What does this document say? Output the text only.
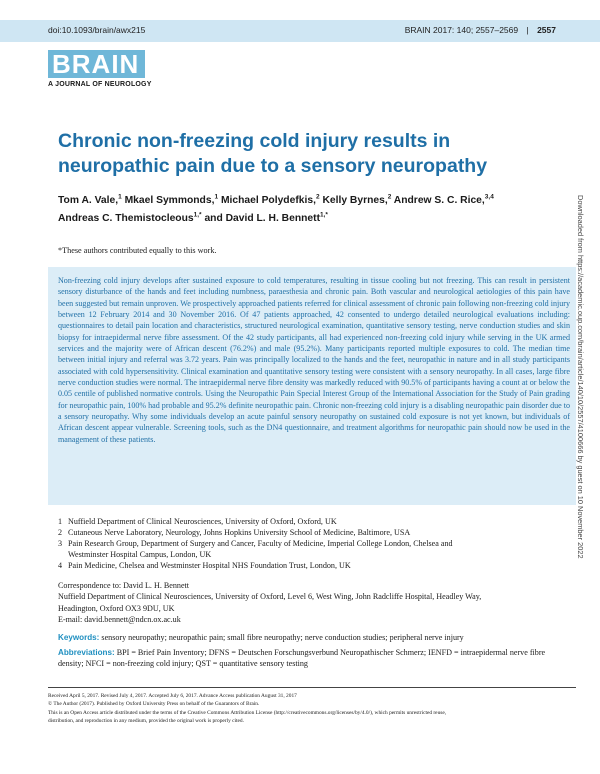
doi:10.1093/brain/awx215	BRAIN 2017: 140; 2557–2569 | 2557
BRAIN
A JOURNAL OF NEUROLOGY
Chronic non-freezing cold injury results in neuropathic pain due to a sensory neuropathy
Tom A. Vale,$^1$ Mkael Symmonds,$^1$ Michael Polydefkis,$^2$ Kelly Byrnes,$^2$ Andrew S. C. Rice,$^{3,4}$
Andreas C. Themistocleous$^{1,*}$ and David L. H. Bennett$^{1,*}$
*These authors contributed equally to this work.
Non-freezing cold injury develops after sustained exposure to cold temperatures, resulting in tissue cooling but not freezing. This can result in persistent sensory disturbance of the hands and feet including numbness, paraesthesia and chronic pain. Both vascular and neurological aetiologies of this pain have been suggested but remain unproven. We prospectively approached patients referred for clinical assessment of chronic pain following non-freezing cold injury between 12 February 2014 and 30 November 2016. Of 47 patients approached, 42 consented to undergo detailed neurological evaluations including: questionnaires to detail pain location and characteristics, structured neurological examination, quantitative sensory testing, nerve conduction studies and skin biopsy for intraepidermal nerve fibre assessment. Of the 42 study participants, all had experienced non-freezing cold injury while serving in the UK armed services and the majority were of African descent (76.2%) and male (95.2%). Many participants reported multiple exposures to cold. The median time between initial injury and referral was 3.72 years. Pain was principally localized to the hands and the feet, neuropathic in nature and in all study participants associated with cold hypersensitivity. Clinical examination and quantitative sensory testing were consistent with a sensory neuropathy. In all cases, large fibre nerve conduction studies were normal. The intraepidermal nerve fibre density was markedly reduced with 90.5% of participants having a count at or below the 0.05 centile of published normative controls. Using the Neuropathic Pain Special Interest Group of the International Association for the Study of Pain grading for neuropathic pain, 100% had probable and 95.2% definite neuropathic pain. Chronic non-freezing cold injury is a disabling neuropathic pain disorder due to a sensory neuropathy. Why some individuals develop an acute painful sensory neuropathy on sustained cold exposure is not yet known, but individuals of African descent appear vulnerable. Screening tools, such as the DN4 questionnaire, and treatment algorithms for neuropathic pain should now be used in the management of these patients.
1 Nuffield Department of Clinical Neurosciences, University of Oxford, Oxford, UK
2 Cutaneous Nerve Laboratory, Neurology, Johns Hopkins University School of Medicine, Baltimore, USA
3 Pain Research Group, Department of Surgery and Cancer, Faculty of Medicine, Imperial College London, Chelsea and
Westminster Hospital Campus, London, UK
4 Pain Medicine, Chelsea and Westminster Hospital NHS Foundation Trust, London, UK
Correspondence to: David L. H. Bennett
Nuffield Department of Clinical Neurosciences, University of Oxford, Level 6, West Wing, John Radcliffe Hospital, Headley Way,
Headington, Oxford OX3 9DU, UK
E-mail: david.bennett@ndcn.ox.ac.uk
Keywords: sensory neuropathy; neuropathic pain; small fibre neuropathy; nerve conduction studies; peripheral nerve injury
Abbreviations: BPI = Brief Pain Inventory; DFNS = Deutschen Forschungsverbund Neuropathischer Schmerz; IENFD = intraepidermal nerve fibre density; NFCI = non-freezing cold injury; QST = quantitative sensory testing
Received April 5, 2017. Revised July 4, 2017. Accepted July 6, 2017. Advance Access publication August 31, 2017
© The Author (2017). Published by Oxford University Press on behalf of the Guarantors of Brain.
This is an Open Access article distributed under the terms of the Creative Commons Attribution License (http://creativecommons.org/licenses/by/4.0/), which permits unrestricted reuse,
distribution, and reproduction in any medium, provided the original work is properly cited.
Downloaded from https://academic.oup.com/brain/article/140/10/2557/4100666 by guest on 10 November 2022
